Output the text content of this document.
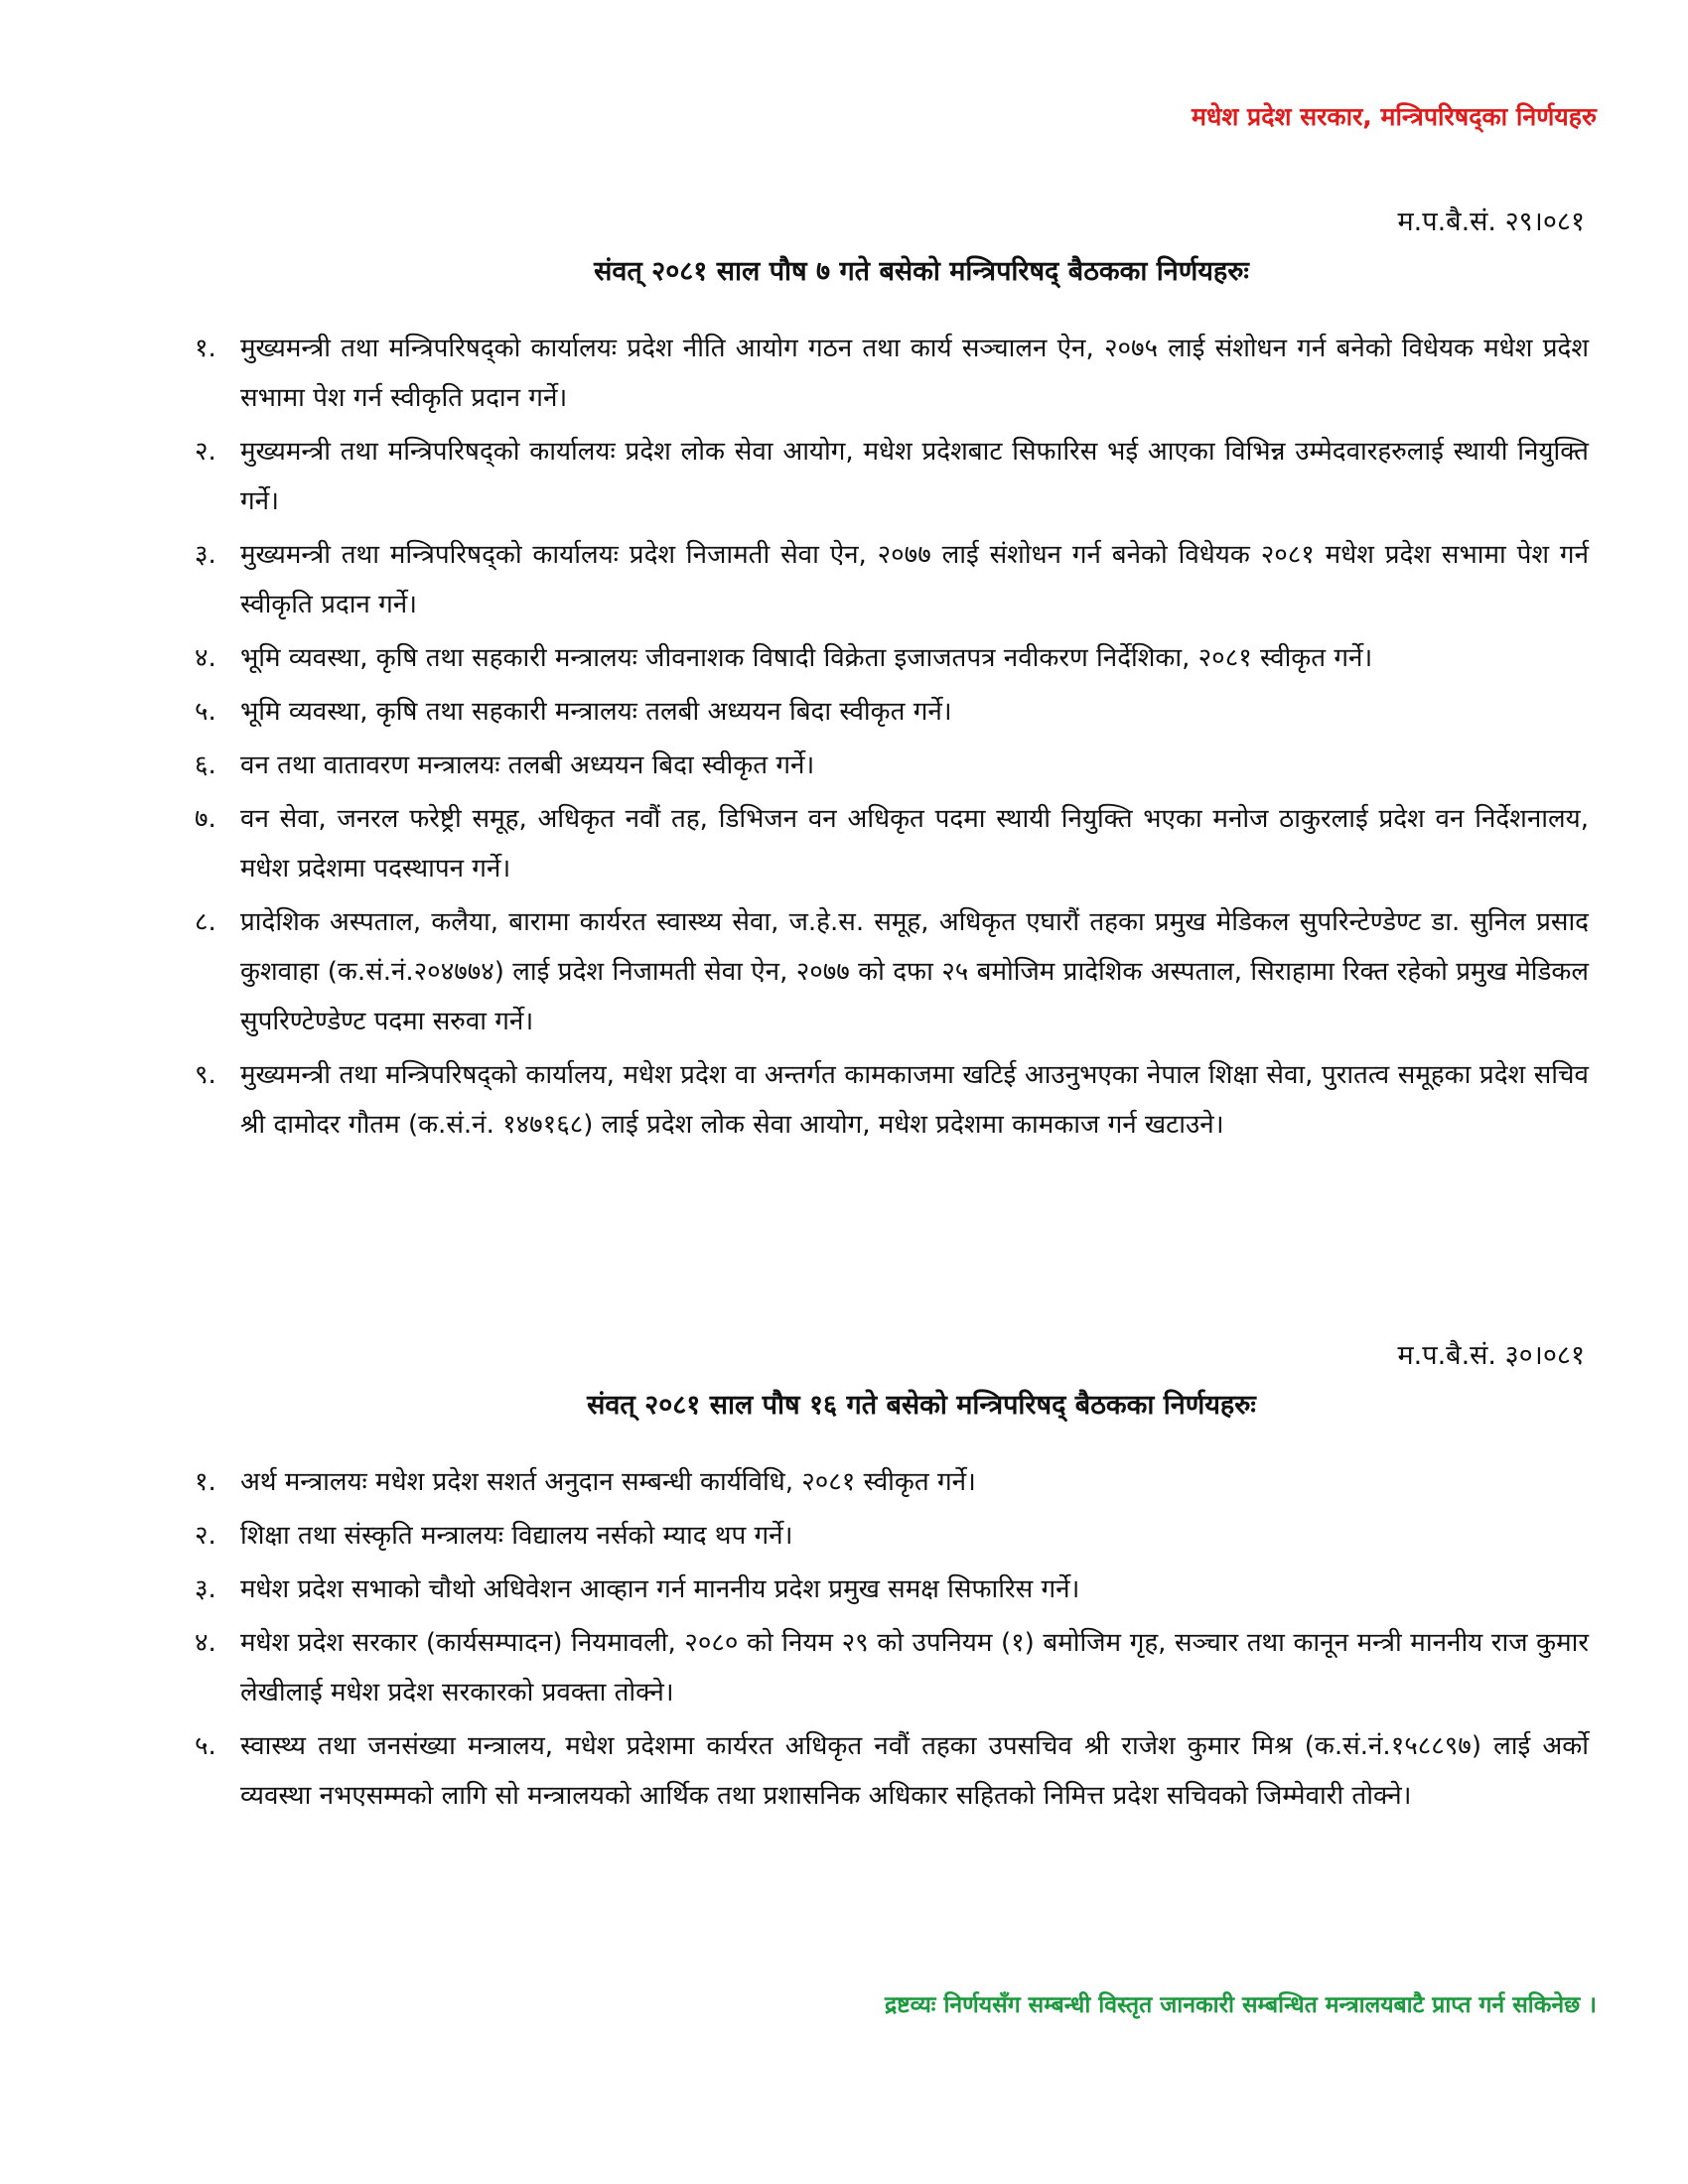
मधेश प्रदेश सरकार, मन्त्रिपरिषद्का निर्णयहरु
म.प.बै.सं. २९।०८१
संवत् २०८१ साल पौष ७ गते बसेको मन्त्रिपरिषद् बैठकका निर्णयहरुः
१. मुख्यमन्त्री तथा मन्त्रिपरिषद्को कार्यालयः प्रदेश नीति आयोग गठन तथा कार्य सञ्चालन ऐन, २०७५ लाई संशोधन गर्न बनेको विधेयक मधेश प्रदेश सभामा पेश गर्न स्वीकृति प्रदान गर्ने।
२. मुख्यमन्त्री तथा मन्त्रिपरिषद्को कार्यालयः प्रदेश लोक सेवा आयोग, मधेश प्रदेशबाट सिफारिस भई आएका विभिन्न उम्मेदवारहरुलाई स्थायी नियुक्ति गर्ने।
३. मुख्यमन्त्री तथा मन्त्रिपरिषद्को कार्यालयः प्रदेश निजामती सेवा ऐन, २०७७ लाई संशोधन गर्न बनेको विधेयक २०८१ मधेश प्रदेश सभामा पेश गर्न स्वीकृति प्रदान गर्ने।
४. भूमि व्यवस्था, कृषि तथा सहकारी मन्त्रालयः जीवनाशक विषादी विक्रेता इजाजतपत्र नवीकरण निर्देशिका, २०८१ स्वीकृत गर्ने।
५. भूमि व्यवस्था, कृषि तथा सहकारी मन्त्रालयः तलबी अध्ययन बिदा स्वीकृत गर्ने।
६. वन तथा वातावरण मन्त्रालयः तलबी अध्ययन बिदा स्वीकृत गर्ने।
७. वन सेवा, जनरल फरेष्ट्री समूह, अधिकृत नवौं तह, डिभिजन वन अधिकृत पदमा स्थायी नियुक्ति भएका मनोज ठाकुरलाई प्रदेश वन निर्देशनालय, मधेश प्रदेशमा पदस्थापन गर्ने।
८. प्रादेशिक अस्पताल, कलैया, बारामा कार्यरत स्वास्थ्य सेवा, ज.हे.स. समूह, अधिकृत एघारौं तहका प्रमुख मेडिकल सुपरिन्टेण्डेण्ट डा. सुनिल प्रसाद कुशवाहा (क.सं.नं.२०४७७४) लाई प्रदेश निजामती सेवा ऐन, २०७७ को दफा २५ बमोजिम प्रादेशिक अस्पताल, सिराहामा रिक्त रहेको प्रमुख मेडिकल सुपरिण्टेण्डेण्ट पदमा सरुवा गर्ने।
९. मुख्यमन्त्री तथा मन्त्रिपरिषद्को कार्यालय, मधेश प्रदेश वा अन्तर्गत कामकाजमा खटिई आउनुभएका नेपाल शिक्षा सेवा, पुरातत्व समूहका प्रदेश सचिव श्री दामोदर गौतम (क.सं.नं. १४७१६८) लाई प्रदेश लोक सेवा आयोग, मधेश प्रदेशमा कामकाज गर्न खटाउने।
म.प.बै.सं. ३०।०८१
संवत् २०८१ साल पौष १६ गते बसेको मन्त्रिपरिषद् बैठकका निर्णयहरुः
१. अर्थ मन्त्रालयः मधेश प्रदेश सशर्त अनुदान सम्बन्धी कार्यविधि, २०८१ स्वीकृत गर्ने।
२. शिक्षा तथा संस्कृति मन्त्रालयः विद्यालय नर्सको म्याद थप गर्ने।
३. मधेश प्रदेश सभाको चौथो अधिवेशन आव्हान गर्न माननीय प्रदेश प्रमुख समक्ष सिफारिस गर्ने।
४. मधेश प्रदेश सरकार (कार्यसम्पादन) नियमावली, २०८० को नियम २९ को उपनियम (१) बमोजिम गृह, सञ्चार तथा कानून मन्त्री माननीय राज कुमार लेखीलाई मधेश प्रदेश सरकारको प्रवक्ता तोक्ने।
५. स्वास्थ्य तथा जनसंख्या मन्त्रालय, मधेश प्रदेशमा कार्यरत अधिकृत नवौं तहका उपसचिव श्री राजेश कुमार मिश्र (क.सं.नं.१५८८९७) लाई अर्को व्यवस्था नभएसम्मको लागि सो मन्त्रालयको आर्थिक तथा प्रशासनिक अधिकार सहितको निमित्त प्रदेश सचिवको जिम्मेवारी तोक्ने।
द्रष्टव्यः निर्णयसँग सम्बन्धी विस्तृत जानकारी सम्बन्धित मन्त्रालयबाटै प्राप्त गर्न सकिनेछ ।
